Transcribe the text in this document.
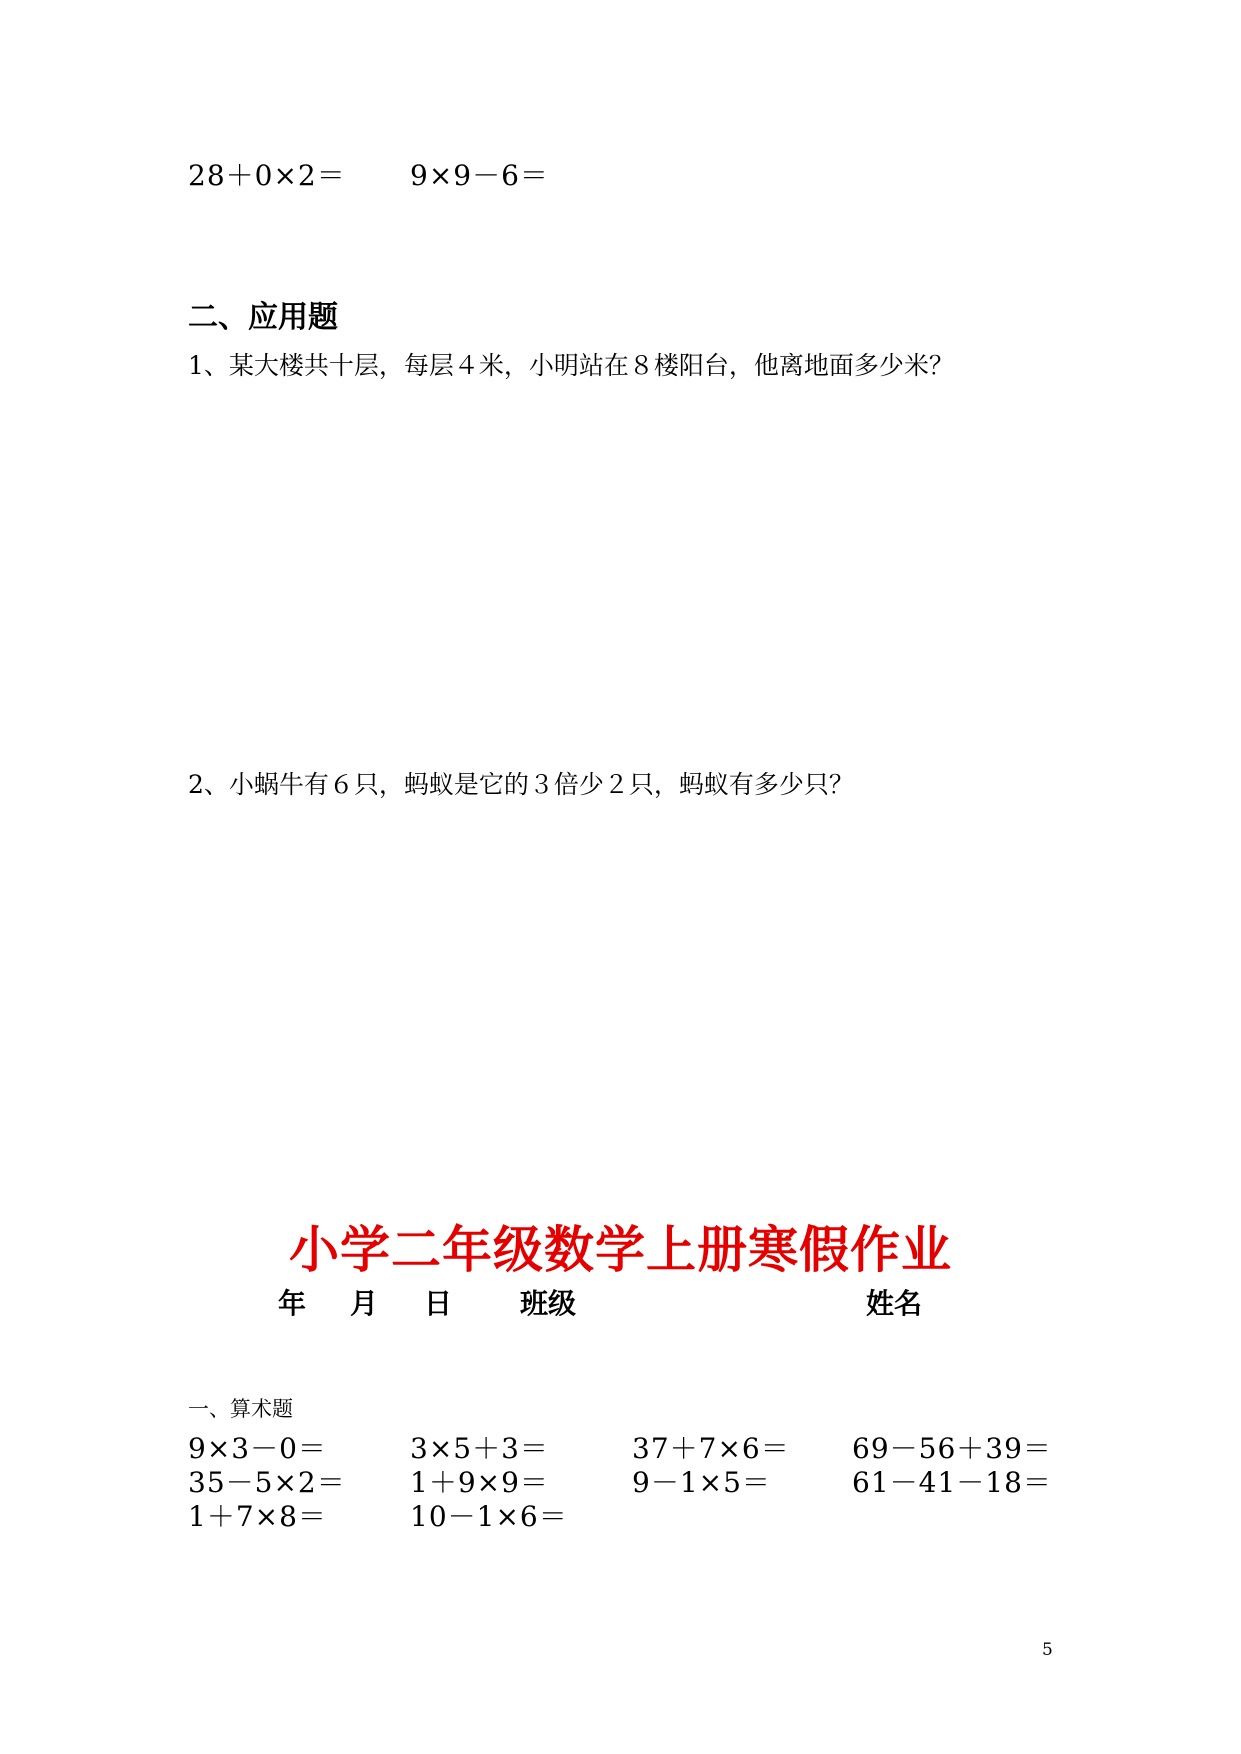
28＋0×2＝ 9×9－6＝
二、应用题
1、某大楼共十层，每层４米，小明站在８楼阳台，他离地面多少米？
2、小蜗牛有６只，蚂蚁是它的３倍少２只，蚂蚁有多少只？
小学二年级数学上册寒假作业
年 月 日 班级	姓名
一、算术题
9×3－0＝	3×5＋3＝	37＋7×6＝ 69－56＋39＝
35－5×2＝ 1＋9×9＝	9－1×5＝	61－41－18＝
1＋7×8＝	10－1×6＝
5
